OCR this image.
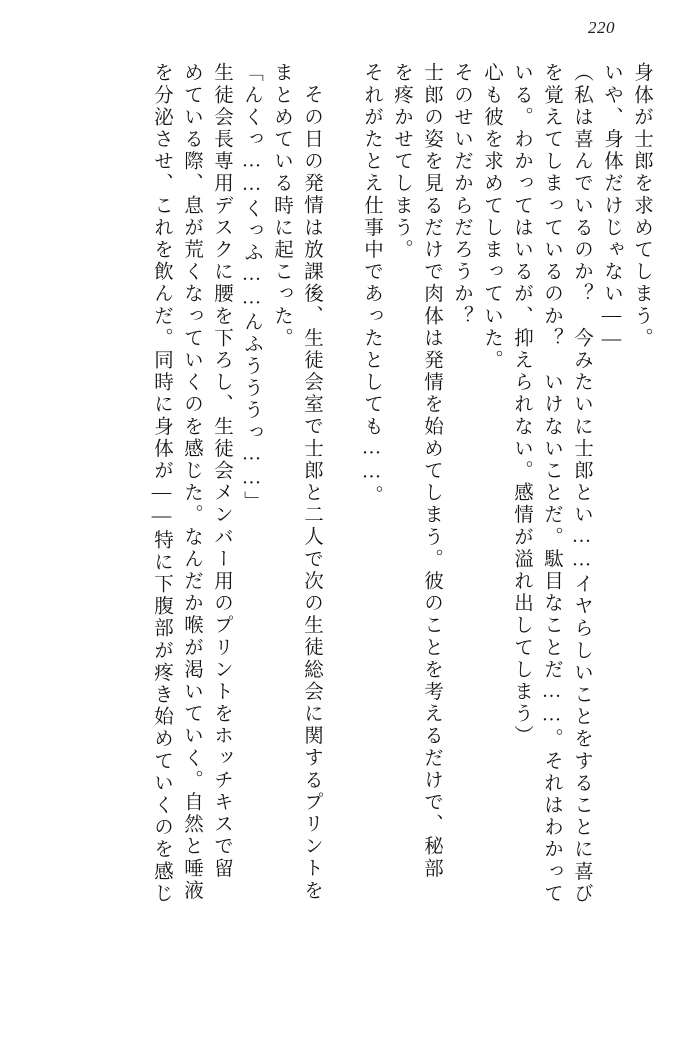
220
身体が士郎を求めてしまう。
いや、身体だけじゃない――
（私は喜んでいるのか？　今みたいに士郎とい……イヤらしいことをすることに喜び
を覚えてしまっているのか？　いけないことだ。駄目なことだ……。それはわかって
いる。わかってはいるが、抑えられない。感情が溢れ出してしまう）
心も彼を求めてしまっていた。
そのせいだからだろうか？
士郎の姿を見るだけで肉体は発情を始めてしまう。彼のことを考えるだけで、秘部
を疼かせてしまう。
それがたとえ仕事中であったとしても……。
その日の発情は放課後、生徒会室で士郎と二人で次の生徒総会に関するプリントを
まとめている時に起こった。
「んくっ……くっふ……んふうううっ……」
生徒会長専用デスクに腰を下ろし、生徒会メンバー用のプリントをホッチキスで留
めている際、息が荒くなっていくのを感じた。なんだか喉が渇いていく。自然と唾液
を分泌させ、これを飲んだ。同時に身体が――特に下腹部が疼き始めていくのを感じ
